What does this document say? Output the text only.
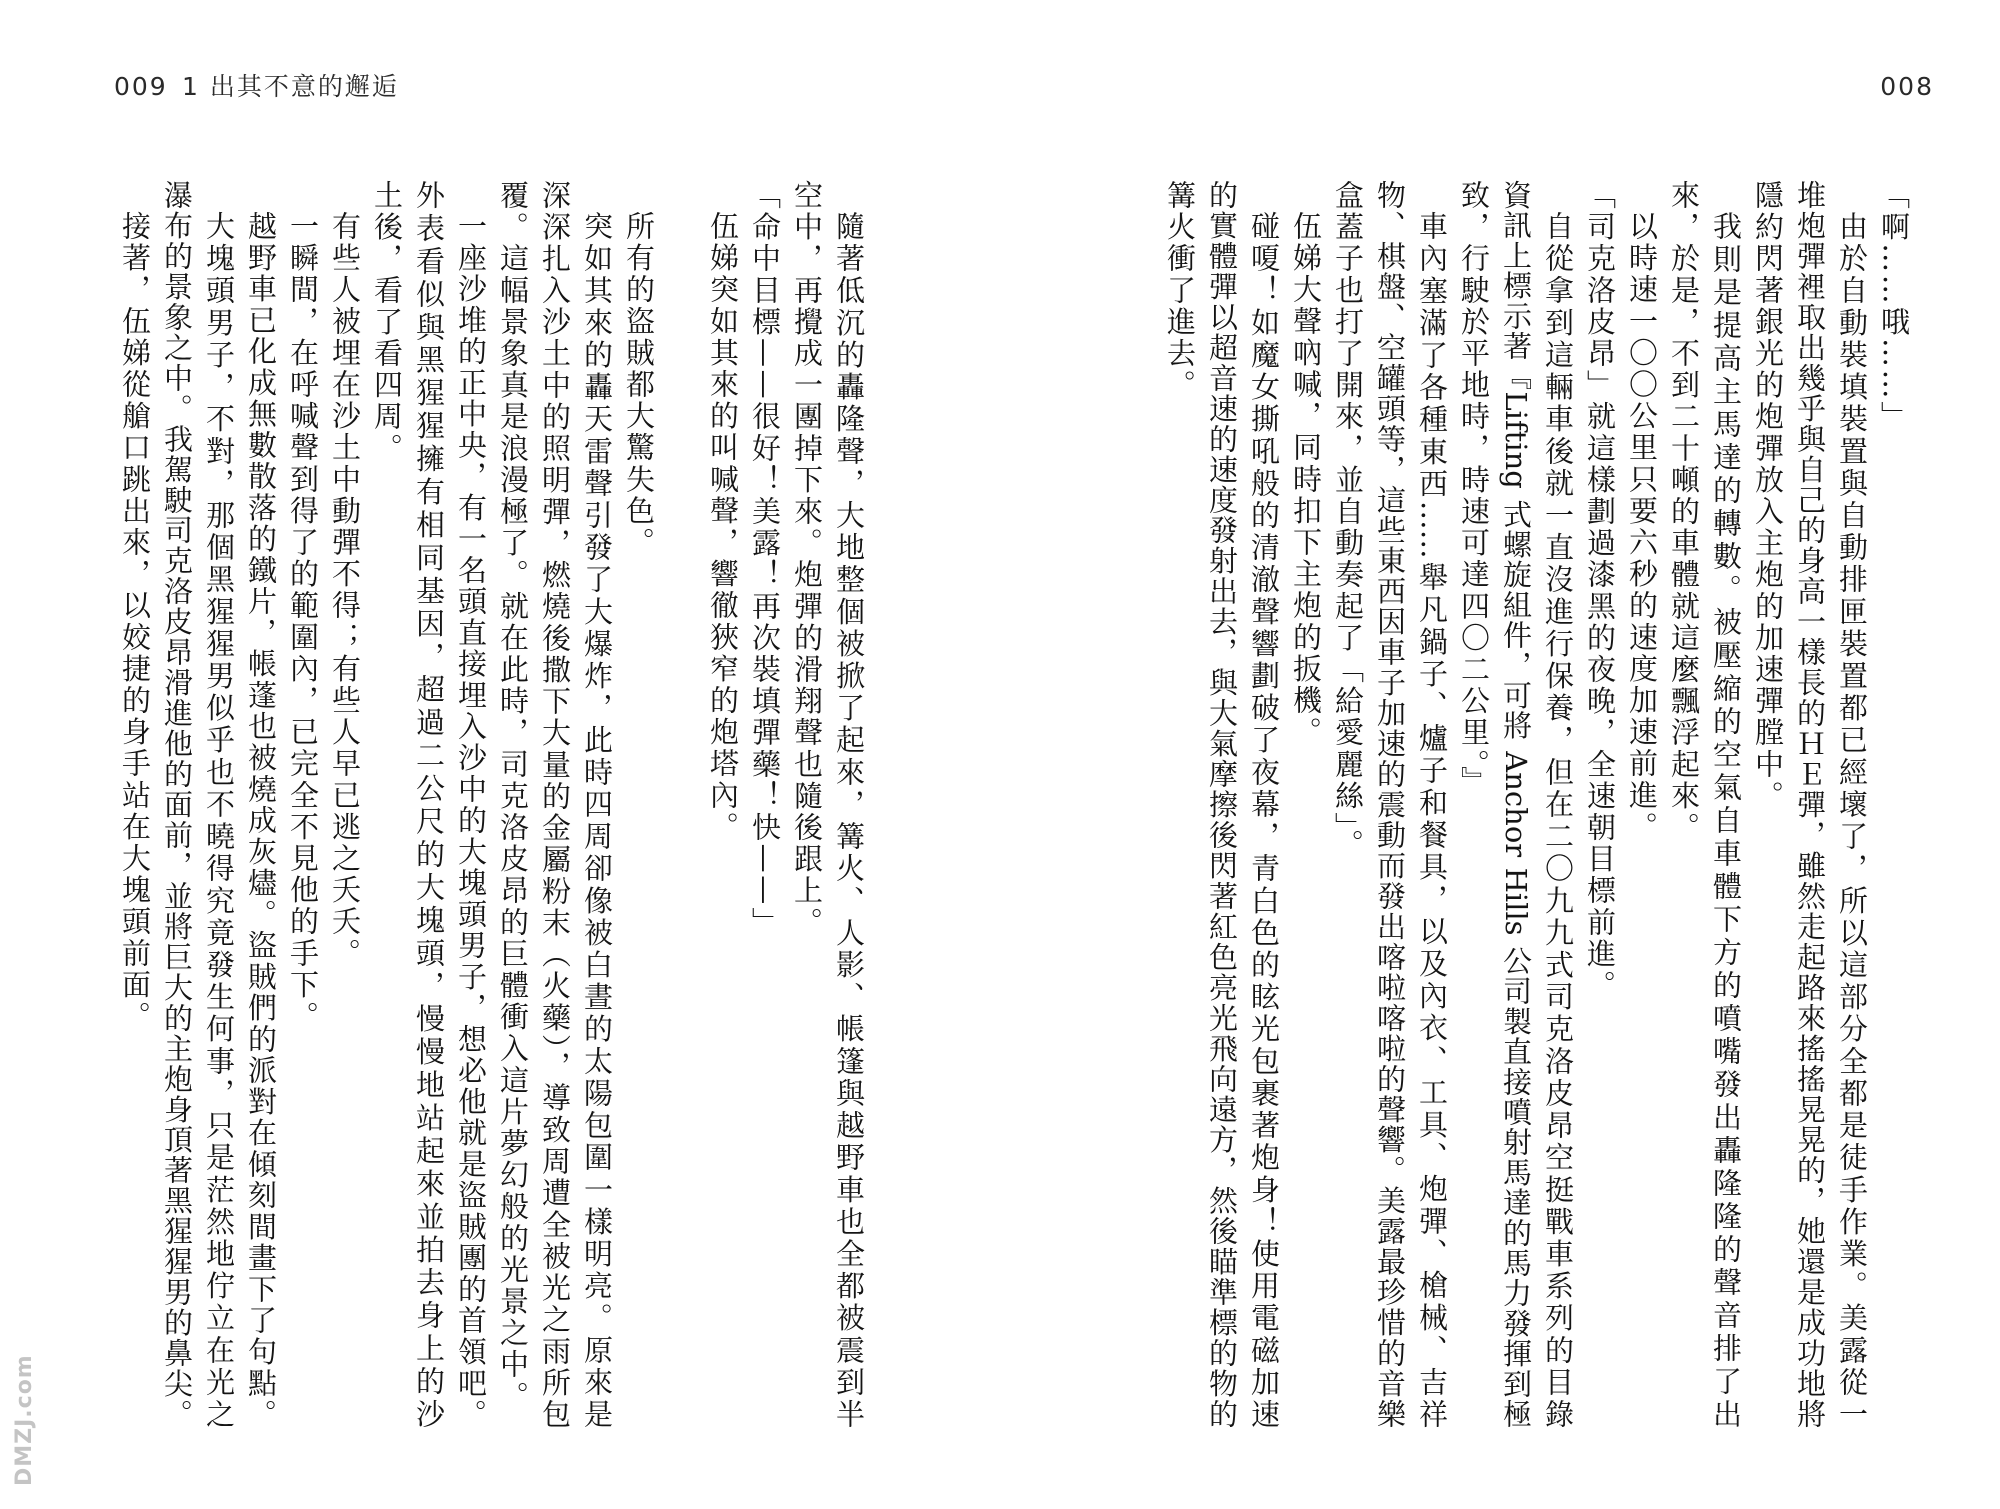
009 1 出其不意的邂逅	008
隨著低沉的轟隆聲，大地整個被掀了起來，篝火、人影、帳篷與越野車也全都被震到半
空中，再攪成一團掉下來。炮彈的滑翔聲也隨後跟上。
「命中目標——很好！美露！再次裝填彈藥！快——」
伍娣突如其來的叫喊聲，響徹狹窄的炮塔內。
所有的盜賊都大驚失色。
突如其來的轟天雷聲引發了大爆炸，此時四周卻像被白晝的太陽包圍一樣明亮。原來是
深深扎入沙土中的照明彈，燃燒後撒下大量的金屬粉末（火藥），導致周遭全被光之雨所包
覆。這幅景象真是浪漫極了。就在此時，司克洛皮昂的巨體衝入這片夢幻般的光景之中。
一座沙堆的正中央，有一名頭直接埋入沙中的大塊頭男子，想必他就是盜賊團的首領吧。
外表看似與黑猩猩擁有相同基因，超過二公尺的大塊頭，慢慢地站起來並拍去身上的沙
土後，看了看四周。
有些人被埋在沙土中動彈不得；有些人早已逃之夭夭。
一瞬間，在呼喊聲到得了的範圍內，已完全不見他的手下。
越野車已化成無數散落的鐵片，帳蓬也被燒成灰燼。盜賊們的派對在傾刻間畫下了句點。
大塊頭男子，不對，那個黑猩猩男似乎也不曉得究竟發生何事，只是茫然地佇立在光之
瀑布的景象之中。我駕駛司克洛皮昂滑進他的面前，並將巨大的主炮身頂著黑猩猩男的鼻尖。
接著，伍娣從艙口跳出來，以姣捷的身手站在大塊頭前面。	「啊……哦……」
由於自動裝填裝置與自動排匣裝置都已經壞了，所以這部分全都是徒手作業。美露從一
堆炮彈裡取出幾乎與自己的身高一樣長的ＨＥ彈，雖然走起路來搖搖晃晃的，她還是成功地將
隱約閃著銀光的炮彈放入主炮的加速彈膛中。
我則是提高主馬達的轉數。被壓縮的空氣自車體下方的噴嘴發出轟隆隆的聲音排了出
來，於是，不到二十噸的車體就這麼飄浮起來。
以時速一〇〇公里只要六秒的速度加速前進。
「司克洛皮昂」就這樣劃過漆黑的夜晚，全速朝目標前進。
自從拿到這輛車後就一直沒進行保養，但在二〇九九式司克洛皮昂空挺戰車系列的目錄
資訊上標示著『Lifting 式螺旋組件，可將 Anchor Hills 公司製直接噴射馬達的馬力發揮到極
致，行駛於平地時，時速可達四〇二公里。』
車內塞滿了各種東西……舉凡鍋子、爐子和餐具，以及內衣、工具、炮彈、槍械、吉祥
物、棋盤、空罐頭等，這些東西因車子加速的震動而發出喀啦喀啦的聲響。美露最珍惜的音樂
盒蓋子也打了開來，並自動奏起了「給愛麗絲」。
伍娣大聲吶喊，同時扣下主炮的扳機。
碰嗄！如魔女撕吼般的清澈聲響劃破了夜幕，青白色的眩光包裹著炮身！使用電磁加速
的實體彈以超音速的速度發射出去，與大氣摩擦後閃著紅色亮光飛向遠方，然後瞄準標的物的
篝火衝了進去。
DMZJ.com
